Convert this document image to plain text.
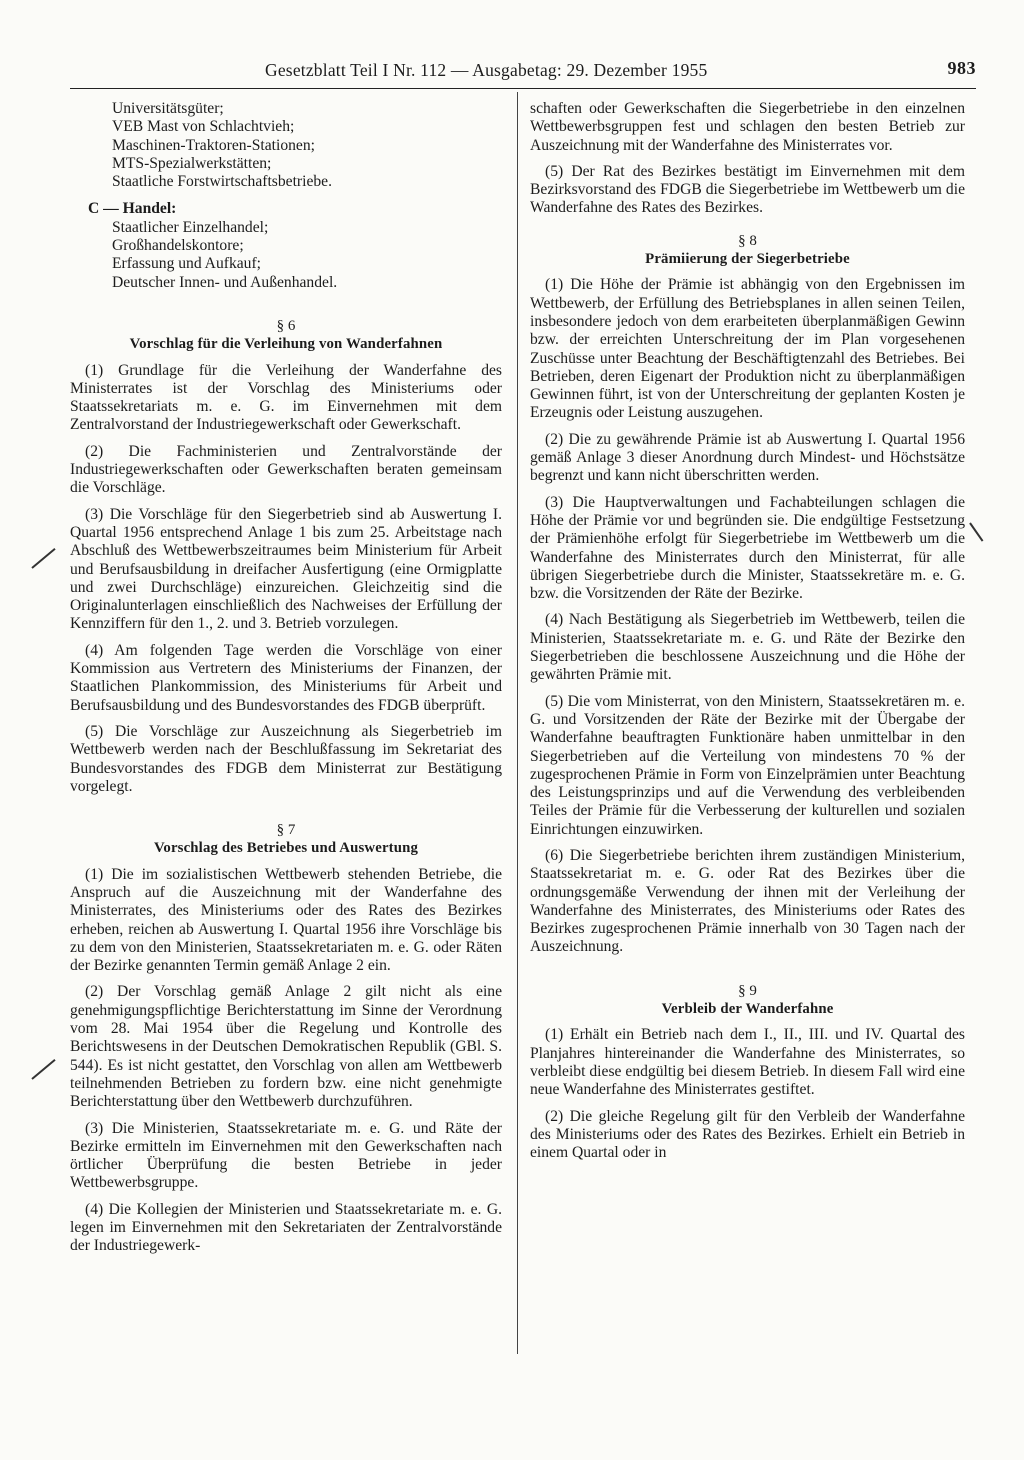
Gesetzblatt Teil I Nr. 112 — Ausgabetag: 29. Dezember 1955	983
Universitätsgüter;
VEB Mast von Schlachtvieh;
Maschinen-Traktoren-Stationen;
MTS-Spezialwerkstätten;
Staatliche Forstwirtschaftsbetriebe.
C — Handel:
Staatlicher Einzelhandel;
Großhandelskontore;
Erfassung und Aufkauf;
Deutscher Innen- und Außenhandel.
§ 6
Vorschlag für die Verleihung von Wanderfahnen
(1) Grundlage für die Verleihung der Wanderfahne des Ministerrates ist der Vorschlag des Ministeriums oder Staatssekretariats m. e. G. im Einvernehmen mit dem Zentralvorstand der Industriegewerkschaft oder Gewerkschaft.
(2) Die Fachministerien und Zentralvorstände der Industriegewerkschaften oder Gewerkschaften beraten gemeinsam die Vorschläge.
(3) Die Vorschläge für den Siegerbetrieb sind ab Auswertung I. Quartal 1956 entsprechend Anlage 1 bis zum 25. Arbeitstage nach Abschluß des Wettbewerbszeitraumes beim Ministerium für Arbeit und Berufsausbildung in dreifacher Ausfertigung (eine Ormigplatte und zwei Durchschläge) einzureichen. Gleichzeitig sind die Originalunterlagen einschließlich des Nachweises der Erfüllung der Kennziffern für den 1., 2. und 3. Betrieb vorzulegen.
(4) Am folgenden Tage werden die Vorschläge von einer Kommission aus Vertretern des Ministeriums der Finanzen, der Staatlichen Plankommission, des Ministeriums für Arbeit und Berufsausbildung und des Bundesvorstandes des FDGB überprüft.
(5) Die Vorschläge zur Auszeichnung als Siegerbetrieb im Wettbewerb werden nach der Beschlußfassung im Sekretariat des Bundesvorstandes des FDGB dem Ministerrat zur Bestätigung vorgelegt.
§ 7
Vorschlag des Betriebes und Auswertung
(1) Die im sozialistischen Wettbewerb stehenden Betriebe, die Anspruch auf die Auszeichnung mit der Wanderfahne des Ministerrates, des Ministeriums oder des Rates des Bezirkes erheben, reichen ab Auswertung I. Quartal 1956 ihre Vorschläge bis zu dem von den Ministerien, Staatssekretariaten m. e. G. oder Räten der Bezirke genannten Termin gemäß Anlage 2 ein.
(2) Der Vorschlag gemäß Anlage 2 gilt nicht als eine genehmigungspflichtige Berichterstattung im Sinne der Verordnung vom 28. Mai 1954 über die Regelung und Kontrolle des Berichtswesens in der Deutschen Demokratischen Republik (GBl. S. 544). Es ist nicht gestattet, den Vorschlag von allen am Wettbewerb teilnehmenden Betrieben zu fordern bzw. eine nicht genehmigte Berichterstattung über den Wettbewerb durchzuführen.
(3) Die Ministerien, Staatssekretariate m. e. G. und Räte der Bezirke ermitteln im Einvernehmen mit den Gewerkschaften nach örtlicher Überprüfung die besten Betriebe in jeder Wettbewerbsgruppe.
(4) Die Kollegien der Ministerien und Staatssekretariate m. e. G. legen im Einvernehmen mit den Sekretariaten der Zentralvorstände der Industriegewerk-
schaften oder Gewerkschaften die Siegerbetriebe in den einzelnen Wettbewerbsgruppen fest und schlagen den besten Betrieb zur Auszeichnung mit der Wanderfahne des Ministerrates vor.
(5) Der Rat des Bezirkes bestätigt im Einvernehmen mit dem Bezirksvorstand des FDGB die Siegerbetriebe im Wettbewerb um die Wanderfahne des Rates des Bezirkes.
§ 8
Prämiierung der Siegerbetriebe
(1) Die Höhe der Prämie ist abhängig von den Ergebnissen im Wettbewerb, der Erfüllung des Betriebsplanes in allen seinen Teilen, insbesondere jedoch von dem erarbeiteten überplanmäßigen Gewinn bzw. der erreichten Unterschreitung der im Plan vorgesehenen Zuschüsse unter Beachtung der Beschäftigtenzahl des Betriebes. Bei Betrieben, deren Eigenart der Produktion nicht zu überplanmäßigen Gewinnen führt, ist von der Unterschreitung der geplanten Kosten je Erzeugnis oder Leistung auszugehen.
(2) Die zu gewährende Prämie ist ab Auswertung I. Quartal 1956 gemäß Anlage 3 dieser Anordnung durch Mindest- und Höchstsätze begrenzt und kann nicht überschritten werden.
(3) Die Hauptverwaltungen und Fachabteilungen schlagen die Höhe der Prämie vor und begründen sie. Die endgültige Festsetzung der Prämienhöhe erfolgt für Siegerbetriebe im Wettbewerb um die Wanderfahne des Ministerrates durch den Ministerrat, für alle übrigen Siegerbetriebe durch die Minister, Staatssekretäre m. e. G. bzw. die Vorsitzenden der Räte der Bezirke.
(4) Nach Bestätigung als Siegerbetrieb im Wettbewerb, teilen die Ministerien, Staatssekretariate m. e. G. und Räte der Bezirke den Siegerbetrieben die beschlossene Auszeichnung und die Höhe der gewährten Prämie mit.
(5) Die vom Ministerrat, von den Ministern, Staatssekretären m. e. G. und Vorsitzenden der Räte der Bezirke mit der Übergabe der Wanderfahne beauftragten Funktionäre haben unmittelbar in den Siegerbetrieben auf die Verteilung von mindestens 70 % der zugesprochenen Prämie in Form von Einzelprämien unter Beachtung des Leistungsprinzips und auf die Verwendung des verbleibenden Teiles der Prämie für die Verbesserung der kulturellen und sozialen Einrichtungen einzuwirken.
(6) Die Siegerbetriebe berichten ihrem zuständigen Ministerium, Staatssekretariat m. e. G. oder Rat des Bezirkes über die ordnungsgemäße Verwendung der ihnen mit der Verleihung der Wanderfahne des Ministerrates, des Ministeriums oder Rates des Bezirkes zugesprochenen Prämie innerhalb von 30 Tagen nach der Auszeichnung.
§ 9
Verbleib der Wanderfahne
(1) Erhält ein Betrieb nach dem I., II., III. und IV. Quartal des Planjahres hintereinander die Wanderfahne des Ministerrates, so verbleibt diese endgültig bei diesem Betrieb. In diesem Fall wird eine neue Wanderfahne des Ministerrates gestiftet.
(2) Die gleiche Regelung gilt für den Verbleib der Wanderfahne des Ministeriums oder des Rates des Bezirkes. Erhielt ein Betrieb in einem Quartal oder in
